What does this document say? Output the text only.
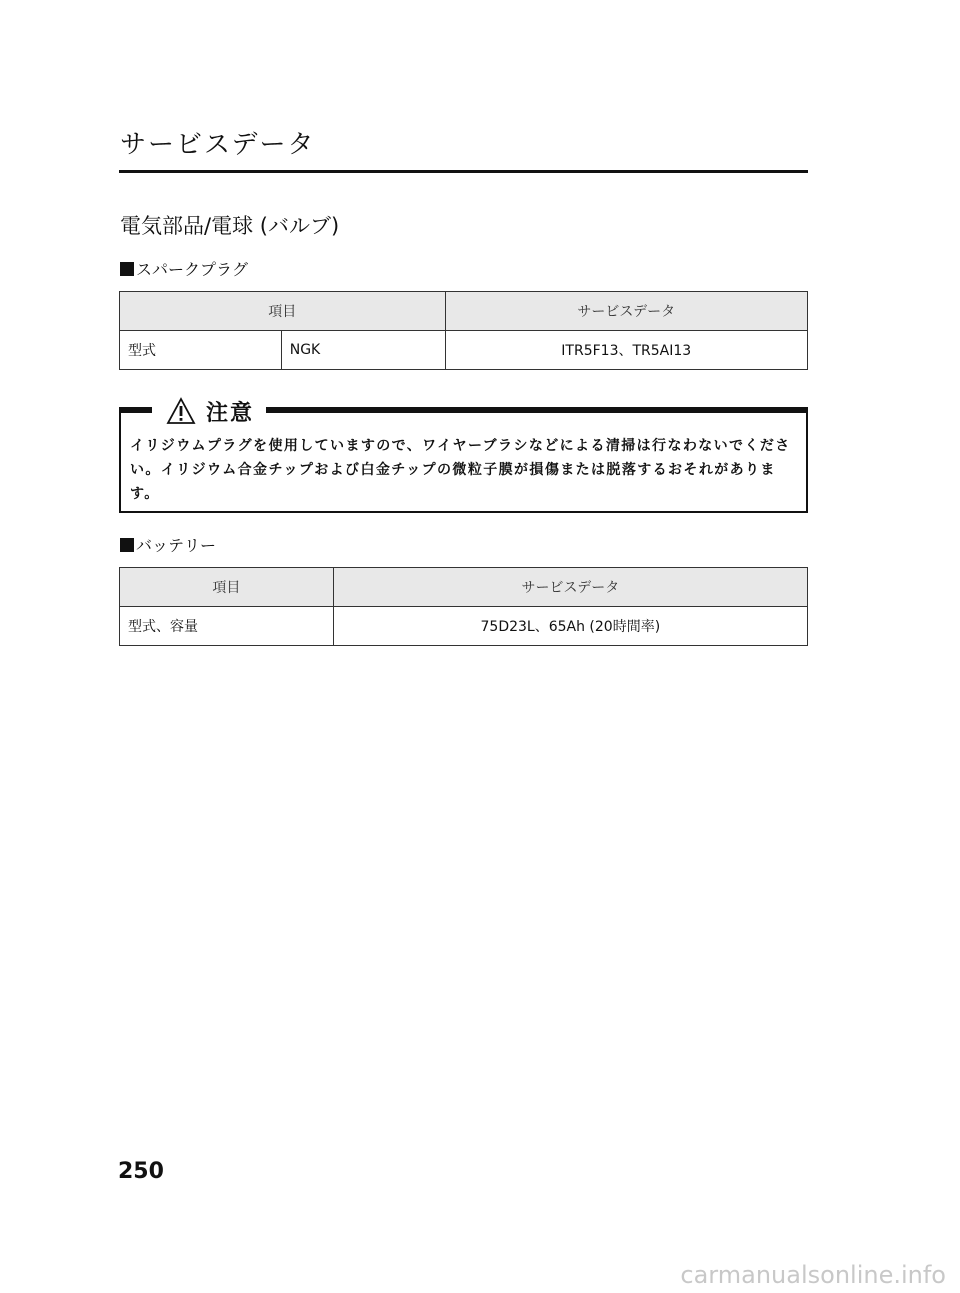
サービスデータ
電気部品/電球 (バルブ)
スパークプラグ
項目		サービスデータ
型式	NGK	ITR5F13、TR5AI13
注意
イリジウムプラグを使用していますので、ワイヤーブラシなどによる清掃は行なわないでください。イリジウム合金チップおよび白金チップの微粒子膜が損傷または脱落するおそれがあります。
バッテリー
項目	サービスデータ
型式、容量	75D23L、65Ah (20時間率)
250
carmanualsonline.info
